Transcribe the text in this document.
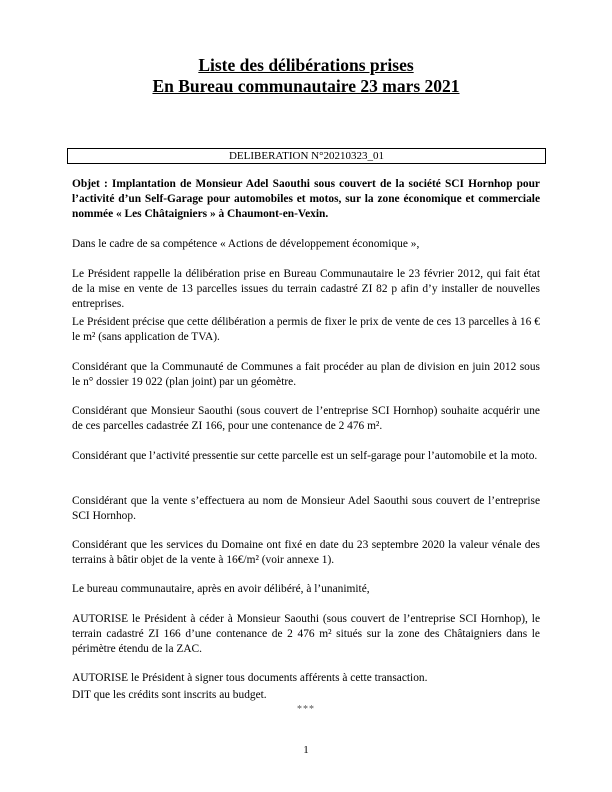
Liste des délibérations prises
En Bureau communautaire 23 mars 2021
DELIBERATION N°20210323_01
Objet : Implantation de Monsieur Adel Saouthi sous couvert de la société SCI Hornhop pour l’activité d’un Self-Garage pour automobiles et motos, sur la zone économique et commerciale nommée « Les Châtaigniers » à Chaumont-en-Vexin.

Dans le cadre de sa compétence « Actions de développement économique »,

Le Président rappelle la délibération prise en Bureau Communautaire le 23 février 2012, qui fait état de la mise en vente de 13 parcelles issues du terrain cadastré ZI 82 p afin d’y installer de nouvelles entreprises.

Le Président précise que cette délibération a permis de fixer le prix de vente de ces 13 parcelles à 16 € le m² (sans application de TVA).

Considérant que la Communauté de Communes a fait procéder au plan de division en juin 2012 sous le n° dossier 19 022 (plan joint) par un géomètre.

Considérant que Monsieur Saouthi (sous couvert de l’entreprise SCI Hornhop) souhaite acquérir une de ces parcelles cadastrée ZI 166, pour une contenance de 2 476 m².

Considérant que l’activité pressentie sur cette parcelle est un self-garage pour l’automobile et la moto.

Considérant que la vente s’effectuera au nom de Monsieur Adel Saouthi sous couvert de l’entreprise SCI Hornhop.

Considérant que les services du Domaine ont fixé en date du 23 septembre 2020 la valeur vénale des terrains à bâtir objet de la vente à 16€/m² (voir annexe 1).

Le bureau communautaire, après en avoir délibéré, à l’unanimité,

AUTORISE le Président à céder à Monsieur Saouthi (sous couvert de l’entreprise SCI Hornhop), le terrain cadastré ZI 166 d’une contenance de 2 476 m² situés sur la zone des Châtaigniers dans le périmètre étendu de la ZAC.

AUTORISE le Président à signer tous documents afférents à cette transaction.

DIT que les crédits sont inscrits au budget.

***
1
